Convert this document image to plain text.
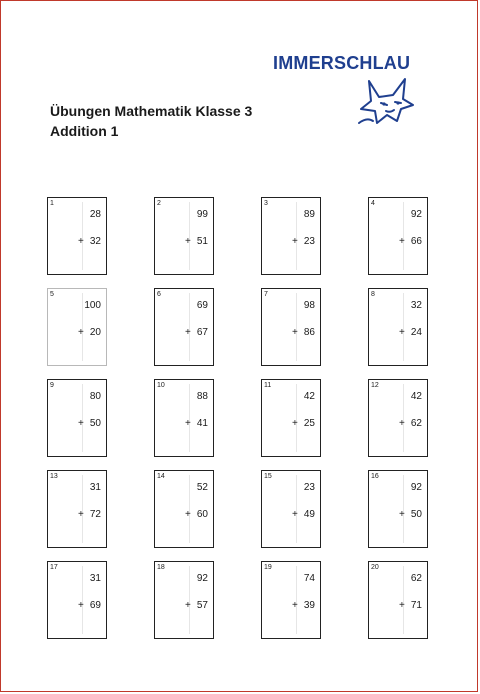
IMMERSCHLAU
Übungen Mathematik Klasse 3
Addition 1
1
28
+ 32
2
99
+ 51
3
89
+ 23
4
92
+ 66
5
100
+ 20
6
69
+ 67
7
98
+ 86
8
32
+ 24
9
80
+ 50
10
88
+ 41
11
42
+ 25
12
42
+ 62
13
31
+ 72
14
52
+ 60
15
23
+ 49
16
92
+ 50
17
31
+ 69
18
92
+ 57
19
74
+ 39
20
62
+ 71
